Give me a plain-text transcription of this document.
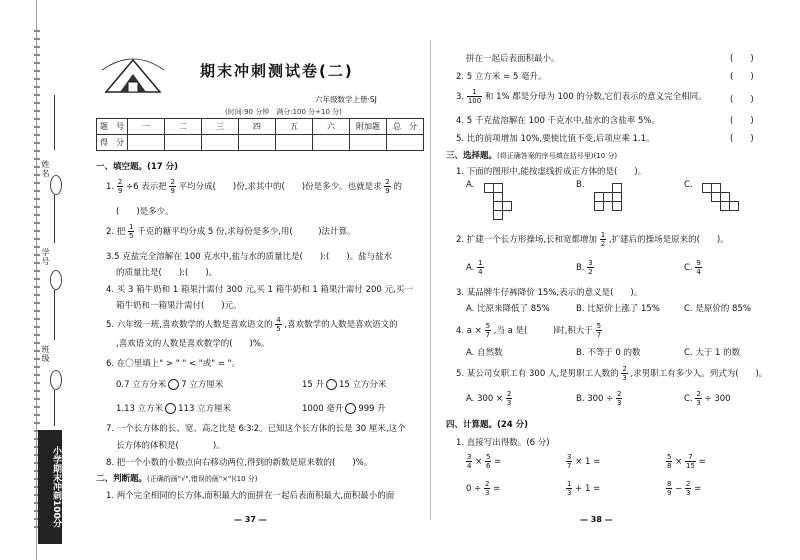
姓名
学号
班级
小学期末冲刺100分
期末冲刺测试卷(二)
六年级数学上册·SJ
(时间:90 分钟　满分:100 分+10 分)
题　号	一	二	三	四	五	六	附加题	总　分
得　分								
一、填空题。(17 分)
1. $\frac{2}{9} \div 6$ 表示把 $\frac{2}{9}$ 平均分成(　　)份,求其中的(　　)份是多少。也就是求 $\frac{2}{9}$ 的
(　　)是多少。
2. 把 $\frac{1}{5}$ 千克的糖平均分成 5 份,求每份是多少,用(　　　)法计算。
3.5 克盐完全溶解在 100 克水中,盐与水的质量比是(　　):(　　)。盐与盐水
的质量比是(　　):(　　)。
4. 买 3 箱牛奶和 1 箱果汁需付 300 元,买 1 箱牛奶和 1 箱果汁需付 200 元,买一
箱牛奶和一箱果汁需付(　　)元。
5. 六年级一班,喜欢数学的人数是喜欢语文的 $\frac{4}{5}$ ,喜欢数学的人数是喜欢语文的
,喜欢语文的人数是喜欢数学的(　　)%。
6. 在〇里填上" > " " < "或" = "。
0.7 立方分米 7 立方厘米	15 升 15 立方分米
1.13 立方米 113 立方厘米	1000 毫升 999 升
7. 一个长方体的长、宽、高之比是 6∶3∶2。已知这个长方体的长是 30 厘米,这个
长方体的体积是(　　　　)。
8. 把一个小数的小数点向右移动两位,得到的新数是原来数的(　　)%。
二、判断题。(正确的画"√",错误的画"×")(10 分)
1. 两个完全相同的长方体,面积最大的面拼在一起后表面积最大,面积最小的面
— 37 —
拼在一起后表面积最小。	(　　)
2. 5 立方米 = 5 毫升。	(　　)
3. $\frac{1}{100}$ 和 1% 都是分母为 100 的分数,它们表示的意义完全相同。	(　　)
4. 5 千克盐溶解在 100 千克水中,盐水的含盐率 5%。	(　　)
5. 比的前项增加 10%,要使比值不变,后项应乘 1.1。	(　　)
三、选择题。(将正确答案的序号填在括号里)(10 分)
1. 下面的图形中,能按虚线折成正方体的是(　　)。
A.	B.	C.
2. 扩建一个长方形操场,长和宽都增加 $\frac{1}{2}$ ,扩建后的操场是原来的(　　)。
A. $\frac{1}{4}$	B. $\frac{3}{2}$	C. $\frac{9}{4}$
3. 某品牌牛仔裤降价 15%,表示的意义是(　　)。
A. 比原来降低了 85%	B. 比原价上涨了 15%	C. 是原价的 85%
4. $a \times \frac{5}{7}$ ,当 a 是(　　　)时,积大于 $\frac{5}{7}$
A. 自然数	B. 不等于 0 的数	C. 大于 1 的数
5. 某公司女职工有 300 人,是男职工人数的 $\frac{2}{3}$ ,求男职工有多少人。列式为(　　)。
A. $300 \times \frac{2}{3}$	B. $300 \div \frac{2}{3}$	C. $\frac{2}{3} \div 300$
四、计算题。(24 分)
1. 直接写出得数。(6 分)
$\frac{3}{4} \times \frac{5}{6}$ =	$\frac{3}{7} \times 1$ =	$\frac{5}{8} \times \frac{7}{15}$ =
$0 \div \frac{2}{3}$ =	$\frac{1}{3} + 1$ =	$\frac{8}{9} - \frac{2}{3}$ =
— 38 —
